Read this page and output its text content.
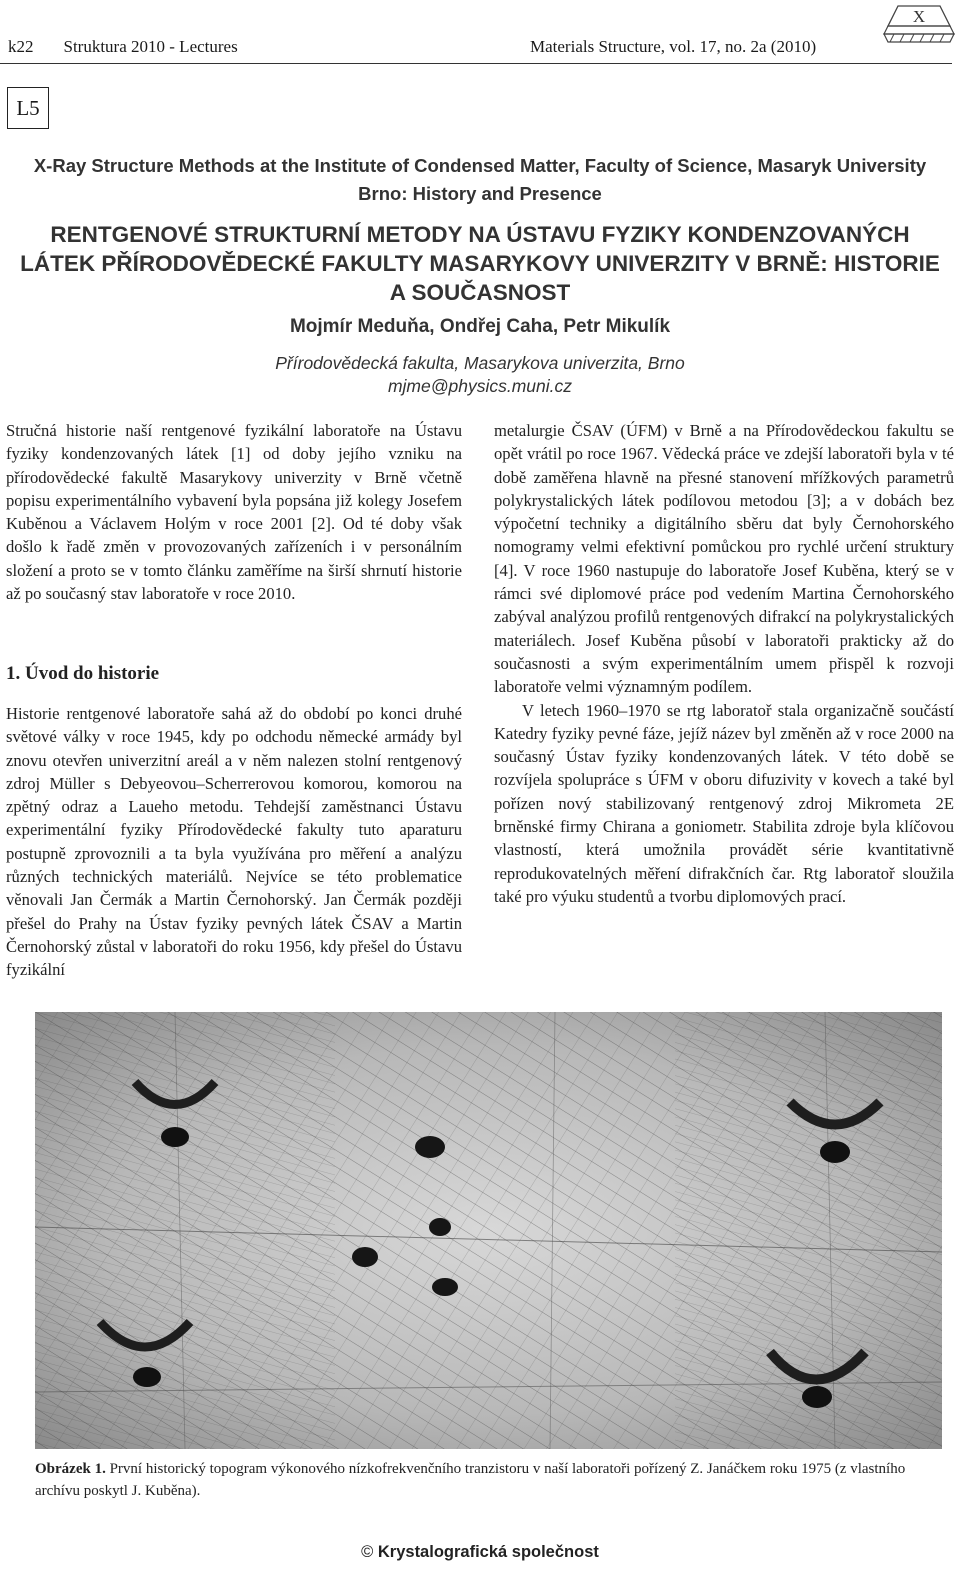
k22 Struktura 2010 - Lectures	Materials Structure, vol. 17, no. 2a (2010)
X
L5
X-Ray Structure Methods at the Institute of Condensed Matter, Faculty of Science, Masaryk University Brno: History and Presence
RENTGENOVÉ STRUKTURNÍ METODY NA ÚSTAVU FYZIKY KONDENZOVANÝCH LÁTEK PŘÍRODOVĚDECKÉ FAKULTY MASARYKOVY UNIVERZITY V BRNĚ: HISTORIE A SOUČASNOST
Mojmír Meduňa, Ondřej Caha, Petr Mikulík
Přírodovědecká fakulta, Masarykova univerzita, Brno
mjme@physics.muni.cz

Stručná historie naší rentgenové fyzikální laboratoře na Ústavu fyziky kondenzovaných látek [1] od doby jejího vzniku na přírodovědecké fakultě Masarykovy univerzity v Brně včetně popisu experimentálního vybavení byla popsána již kolegy Josefem Kuběnou a Václavem Holým v roce 2001 [2]. Od té doby však došlo k řadě změn v provozovaných zařízeních i v personálním složení a proto se v tomto článku zaměříme na širší shrnutí historie až po současný stav laboratoře v roce 2010.

1. Úvod do historie

Historie rentgenové laboratoře sahá až do období po konci druhé světové války v roce 1945, kdy po odchodu německé armády byl znovu otevřen univerzitní areál a v něm nalezen stolní rentgenový zdroj Müller s Debyeovou–Scherrerovou komorou, komorou na zpětný odraz a Laueho metodu. Tehdejší zaměstnanci Ústavu experimentální fyziky Přírodovědecké fakulty tuto aparaturu postupně zprovoznili a ta byla využívána pro měření a analýzu různých technických materiálů. Nejvíce se této problematice věnovali Jan Čermák a Martin Černohorský. Jan Čermák později přešel do Prahy na Ústav fyziky pevných látek ČSAV a Martin Černohorský zůstal v laboratoři do roku 1956, kdy přešel do Ústavu fyzikální

metalurgie ČSAV (ÚFM) v Brně a na Přírodovědeckou fakultu se opět vrátil po roce 1967. Vědecká práce ve zdejší laboratoři byla v té době zaměřena hlavně na přesné stanovení mřížkových parametrů polykrystalických látek podílovou metodou [3]; a v dobách bez výpočetní techniky a digitálního sběru dat byly Černohorského nomogramy velmi efektivní pomůckou pro rychlé určení struktury [4]. V roce 1960 nastupuje do laboratoře Josef Kuběna, který se v rámci své diplomové práce pod vedením Martina Černohorského zabýval analýzou profilů rentgenových difrakcí na polykrystalických materiálech. Josef Kuběna působí v laboratoři prakticky až do současnosti a svým experimentálním umem přispěl k rozvoji laboratoře velmi významným podílem.

V letech 1960–1970 se rtg laboratoř stala organizačně součástí Katedry fyziky pevné fáze, jejíž název byl změněn až v roce 2000 na současný Ústav fyziky kondenzovaných látek. V této době se rozvíjela spolupráce s ÚFM v oboru difuzivity v kovech a také byl pořízen nový stabilizovaný rentgenový zdroj Mikrometa 2E brněnské firmy Chirana a goniometr. Stabilita zdroje byla klíčovou vlastností, která umožnila provádět série kvantitativně reprodukovatelných měření difrakčních čar. Rtg laboratoř sloužila také pro výuku studentů a tvorbu diplomových prací.

Obrázek 1. První historický topogram výkonového nízkofrekvenčního tranzistoru v naší laboratoři pořízený Z. Janáčkem roku 1975 (z vlastního archívu poskytl J. Kuběna).
© Krystalografická společnost
